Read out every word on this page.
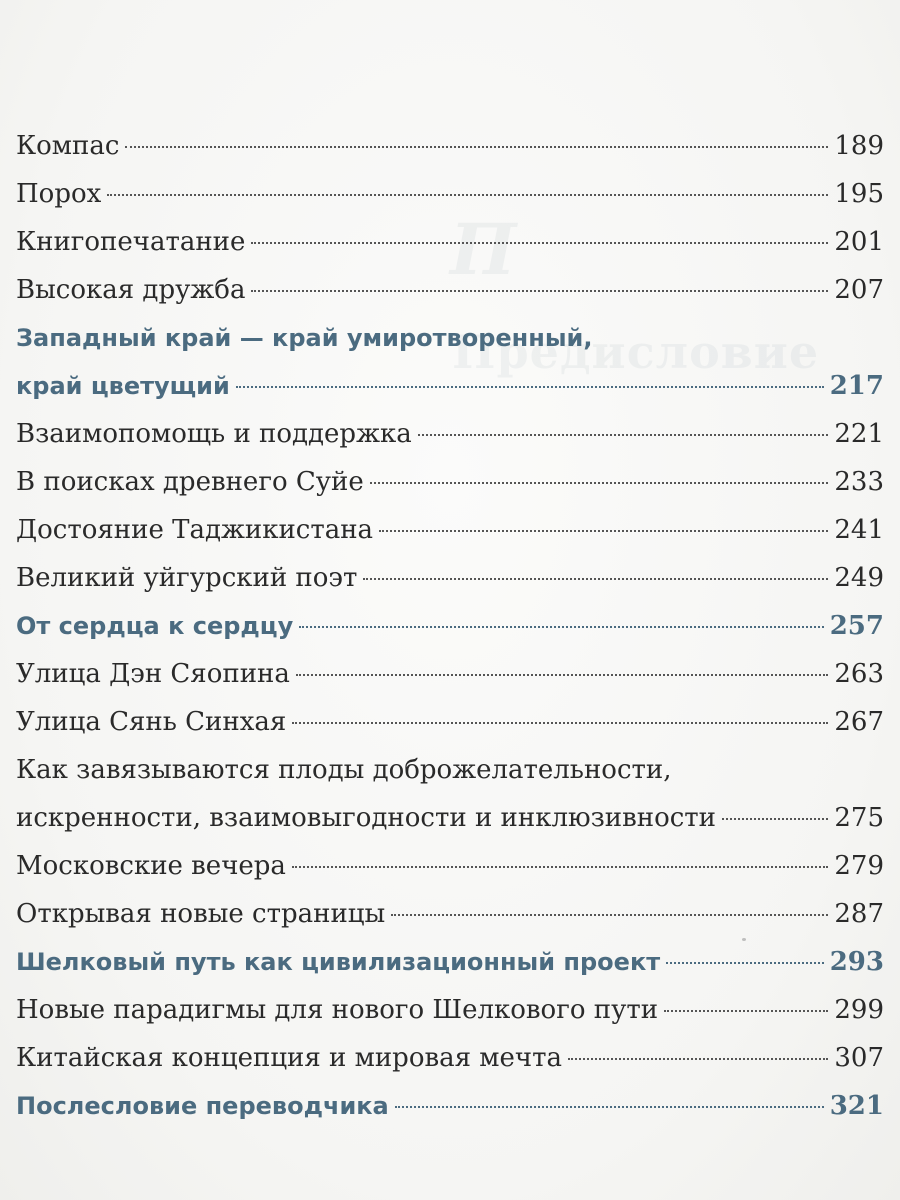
П
Предисловие
Компас	189
Порох	195
Книгопечатание	201
Высокая дружба	207
Западный край — край умиротворенный,
край цветущий	217
Взаимопомощь и поддержка	221
В поисках древнего Суйе	233
Достояние Таджикистана	241
Великий уйгурский поэт	249
От сердца к сердцу	257
Улица Дэн Сяопина	263
Улица Сянь Синхая	267
Как завязываются плоды доброжелательности,
искренности, взаимовыгодности и инклюзивности	275
Московские вечера	279
Открывая новые страницы	287
Шелковый путь как цивилизационный проект	293
Новые парадигмы для нового Шелкового пути	299
Китайская концепция и мировая мечта	307
Послесловие переводчика	321
